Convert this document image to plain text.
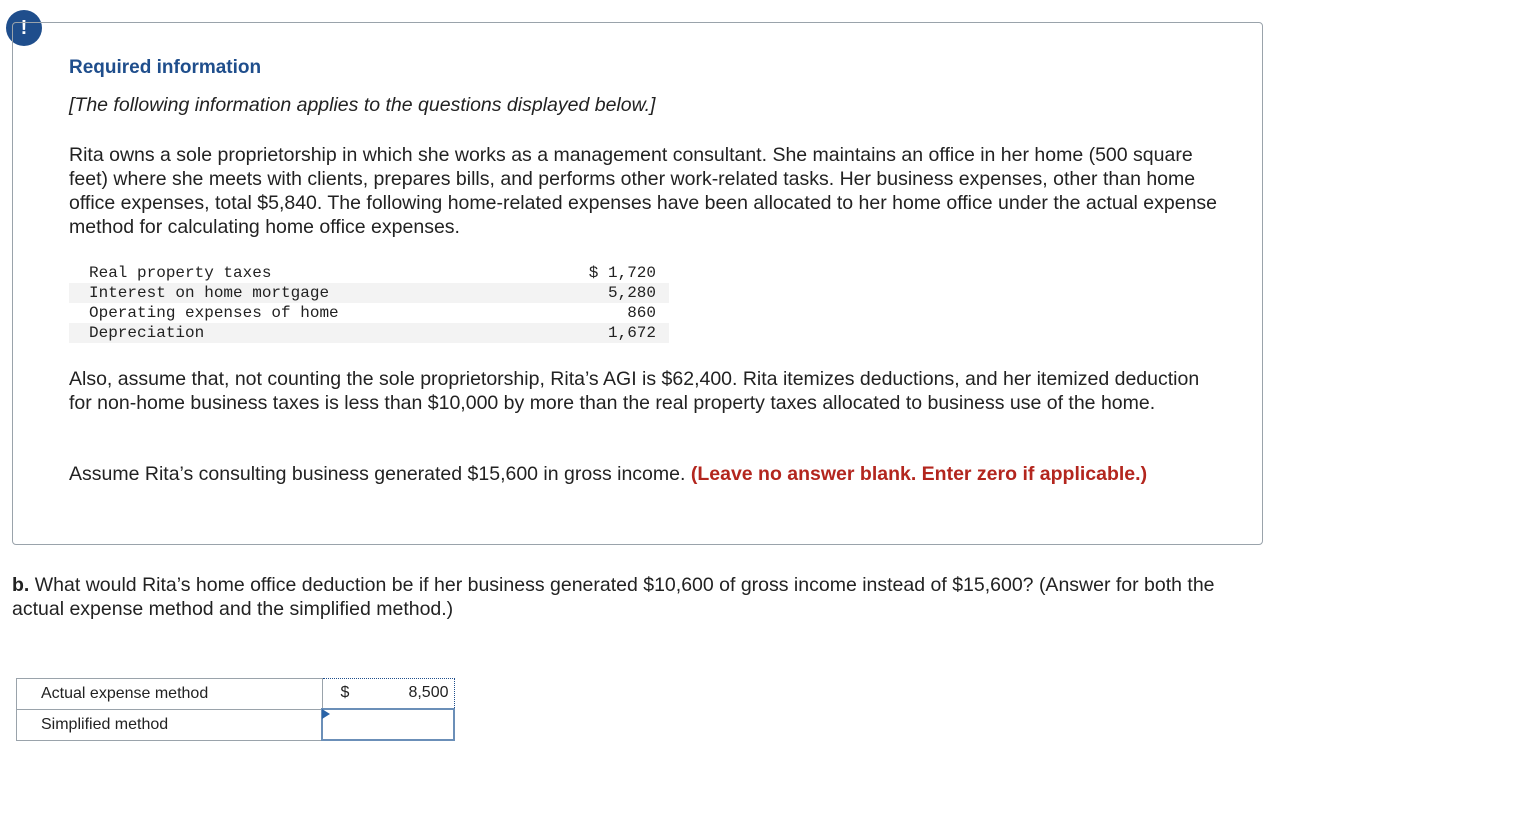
!
Required information
[The following information applies to the questions displayed below.]
Rita owns a sole proprietorship in which she works as a management consultant. She maintains an office in her home (500 square feet) where she meets with clients, prepares bills, and performs other work-related tasks. Her business expenses, other than home office expenses, total $5,840. The following home-related expenses have been allocated to her home office under the actual expense method for calculating home office expenses.
Real property taxes	$ 1,720
Interest on home mortgage	5,280
Operating expenses of home	860
Depreciation	1,672
Also, assume that, not counting the sole proprietorship, Rita’s AGI is $62,400. Rita itemizes deductions, and her itemized deduction for non-home business taxes is less than $10,000 by more than the real property taxes allocated to business use of the home.
Assume Rita’s consulting business generated $15,600 in gross income. (Leave no answer blank. Enter zero if applicable.)
b. What would Rita’s home office deduction be if her business generated $10,600 of gross income instead of $15,600? (Answer for both the actual expense method and the simplified method.)
Actual expense method	$ 8,500

Simplified method	
